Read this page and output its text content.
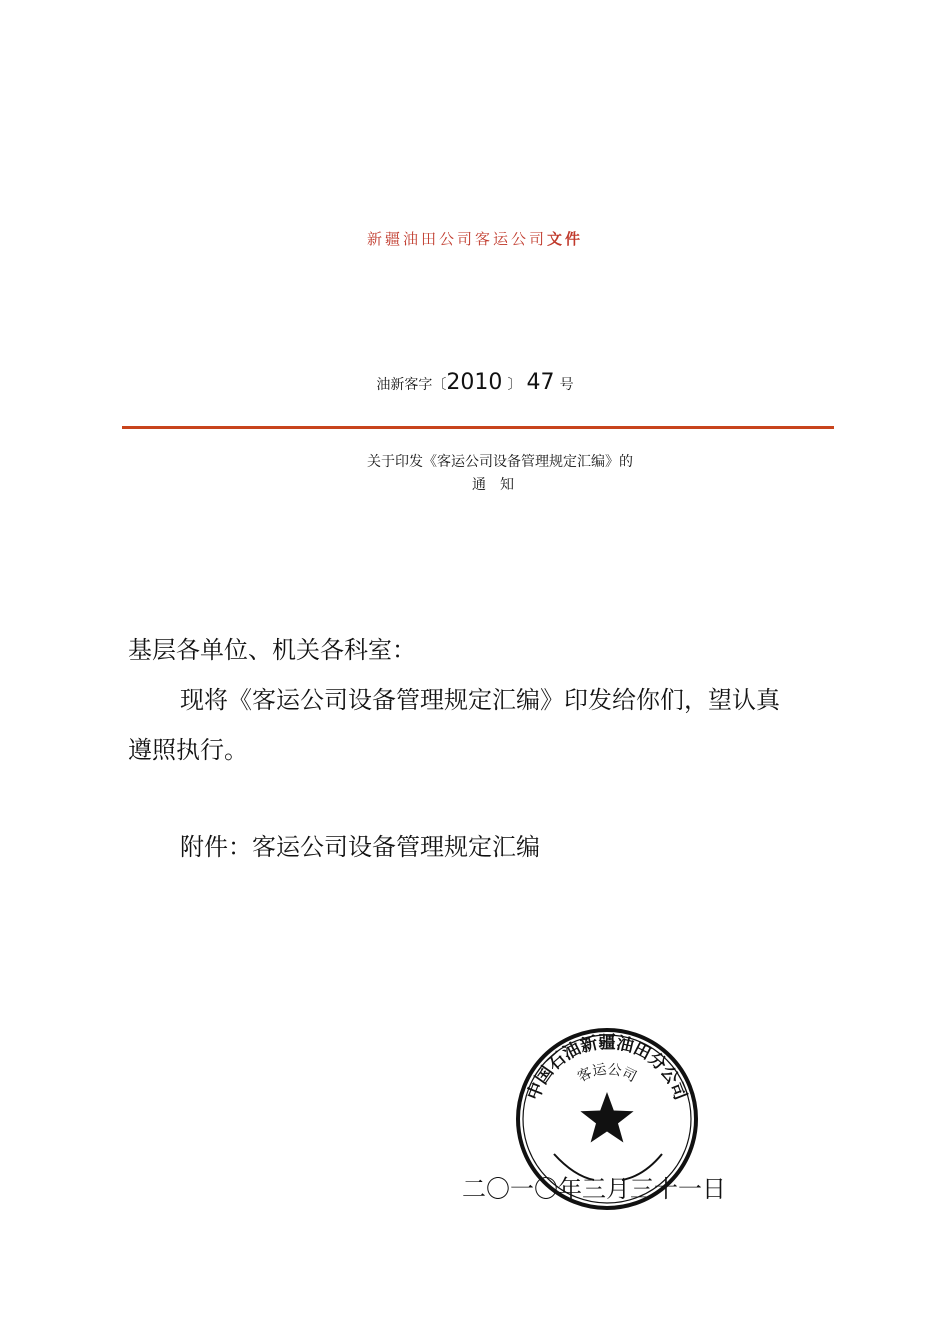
新疆油田公司客运公司文件
油新客字〔2010 〕 47 号
关于印发《客运公司设备管理规定汇编》的
通知
基层各单位、机关各科室：
现将《客运公司设备管理规定汇编》印发给你们，望认真
遵照执行。
附件：客运公司设备管理规定汇编
中国石油新疆油田分公司
客运公司
二〇一〇年三月三十一日
